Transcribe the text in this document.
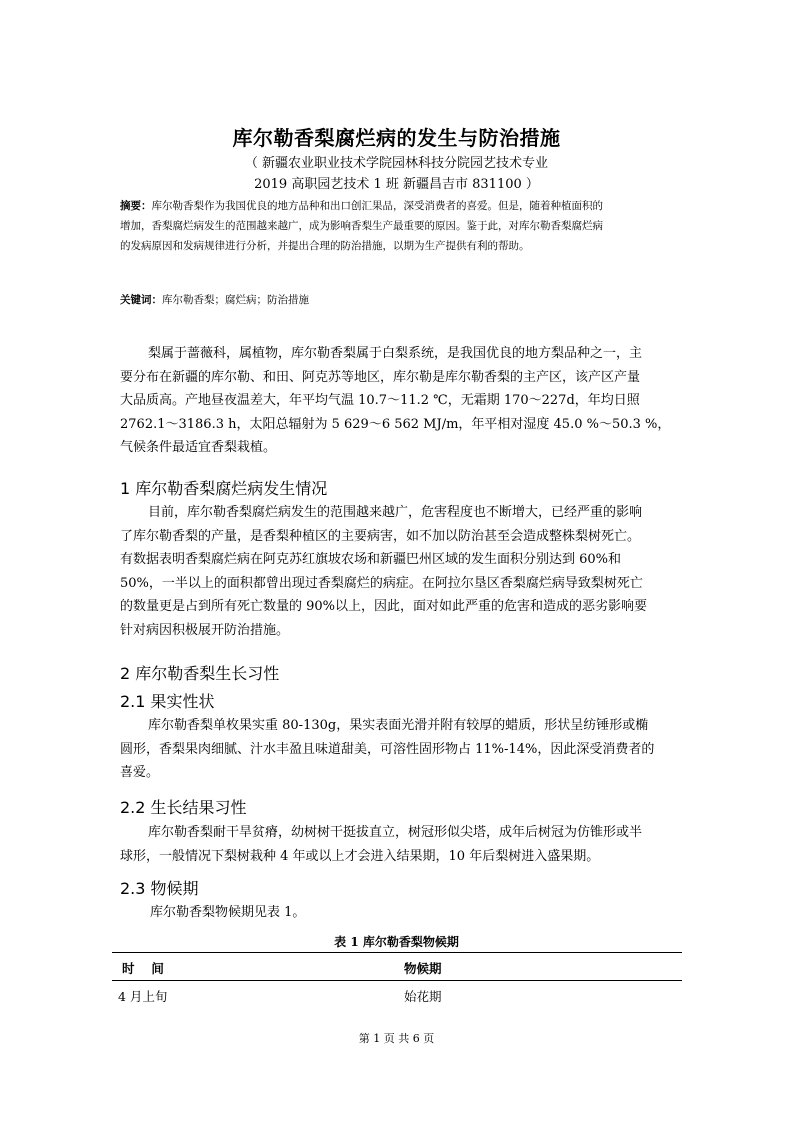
库尔勒香梨腐烂病的发生与防治措施
（ 新疆农业职业技术学院园林科技分院园艺技术专业
2019 高职园艺技术 1 班 新疆昌吉市 831100 ）
摘要：库尔勒香梨作为我国优良的地方品种和出口创汇果品，深受消费者的喜爱。但是，随着种植面积的
增加，香梨腐烂病发生的范围越来越广，成为影响香梨生产最重要的原因。鉴于此，对库尔勒香梨腐烂病
的发病原因和发病规律进行分析，并提出合理的防治措施，以期为生产提供有利的帮助。
关键词：库尔勒香梨；腐烂病；防治措施
梨属于蔷薇科，属植物，库尔勒香梨属于白梨系统，是我国优良的地方梨品种之一，主
要分布在新疆的库尔勒、和田、阿克苏等地区，库尔勒是库尔勒香梨的主产区，该产区产量
大品质高。产地昼夜温差大，年平均气温 10.7～11.2 ℃，无霜期 170～227d，年均日照
2762.1～3186.3 h，太阳总辐射为 5 629～6 562 MJ/m，年平相对湿度 45.0 %～50.3 %，
气候条件最适宜香梨栽植。
1 库尔勒香梨腐烂病发生情况
目前，库尔勒香梨腐烂病发生的范围越来越广，危害程度也不断增大，已经严重的影响
了库尔勒香梨的产量，是香梨种植区的主要病害，如不加以防治甚至会造成整株梨树死亡。
有数据表明香梨腐烂病在阿克苏红旗坡农场和新疆巴州区域的发生面积分别达到 60%和
50%，一半以上的面积都曾出现过香梨腐烂的病症。在阿拉尔垦区香梨腐烂病导致梨树死亡
的数量更是占到所有死亡数量的 90%以上，因此，面对如此严重的危害和造成的恶劣影响要
针对病因积极展开防治措施。
2 库尔勒香梨生长习性
2.1 果实性状
库尔勒香梨单枚果实重 80-130g，果实表面光滑并附有较厚的蜡质，形状呈纺锤形或椭
圆形，香梨果肉细腻、汁水丰盈且味道甜美，可溶性固形物占 11%-14%，因此深受消费者的
喜爱。
2.2 生长结果习性
库尔勒香梨耐干旱贫瘠，幼树树干挺拔直立，树冠形似尖塔，成年后树冠为仿锥形或半
球形，一般情况下梨树栽种 4 年或以上才会进入结果期，10 年后梨树进入盛果期。
2.3 物候期
库尔勒香梨物候期见表 1。
表 1 库尔勒香梨物候期
时　 间	物候期
4 月上旬	始花期
第 1 页 共 6 页
